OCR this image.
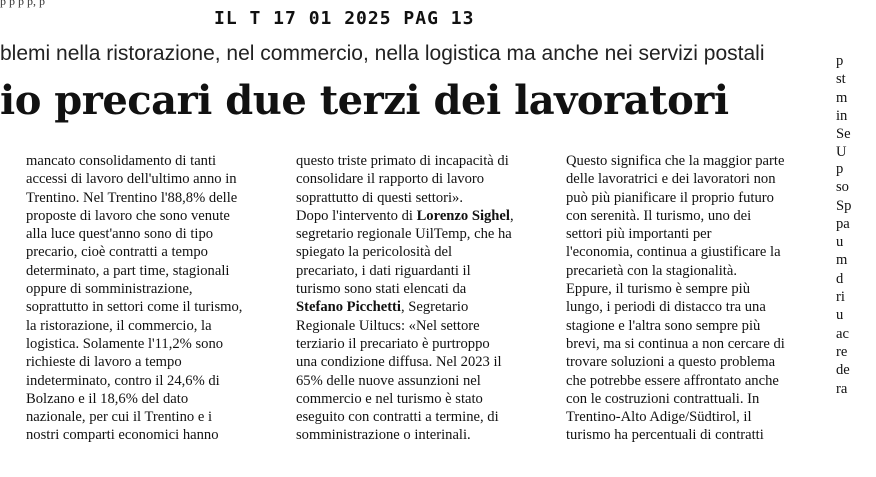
p p p p, p
IL T 17 01 2025 PAG 13
blemi nella ristorazione, nel commercio, nella logistica ma anche nei servizi postali
io precari due terzi dei lavoratori
mancato consolidamento di tanti
accessi di lavoro dell'ultimo anno in
Trentino. Nel Trentino l'88,8% delle
proposte di lavoro che sono venute
alla luce quest'anno sono di tipo
precario, cioè contratti a tempo
determinato, a part time, stagionali
oppure di somministrazione,
soprattutto in settori come il turismo,
la ristorazione, il commercio, la
logistica. Solamente l'11,2% sono
richieste di lavoro a tempo
indeterminato, contro il 24,6% di
Bolzano e il 18,6% del dato
nazionale, per cui il Trentino e i
nostri comparti economici hanno
questo triste primato di incapacità di
consolidare il rapporto di lavoro
soprattutto di questi settori».
Dopo l'intervento di Lorenzo Sighel,
segretario regionale UilTemp, che ha
spiegato la pericolosità del
precariato, i dati riguardanti il
turismo sono stati elencati da
Stefano Picchetti, Segretario
Regionale Uiltucs: «Nel settore
terziario il precariato è purtroppo
una condizione diffusa. Nel 2023 il
65% delle nuove assunzioni nel
commercio e nel turismo è stato
eseguito con contratti a termine, di
somministrazione o interinali.
Questo significa che la maggior parte
delle lavoratrici e dei lavoratori non
può più pianificare il proprio futuro
con serenità. Il turismo, uno dei
settori più importanti per
l'economia, continua a giustificare la
precarietà con la stagionalità.
Eppure, il turismo è sempre più
lungo, i periodi di distacco tra una
stagione e l'altra sono sempre più
brevi, ma si continua a non cercare di
trovare soluzioni a questo problema
che potrebbe essere affrontato anche
con le costruzioni contrattuali. In
Trentino-Alto Adige/Südtirol, il
turismo ha percentuali di contratti
p
st
m
in
Se
U
p
so
Sp
pa
u
m
d
ri
u
ac
re
de
ra
